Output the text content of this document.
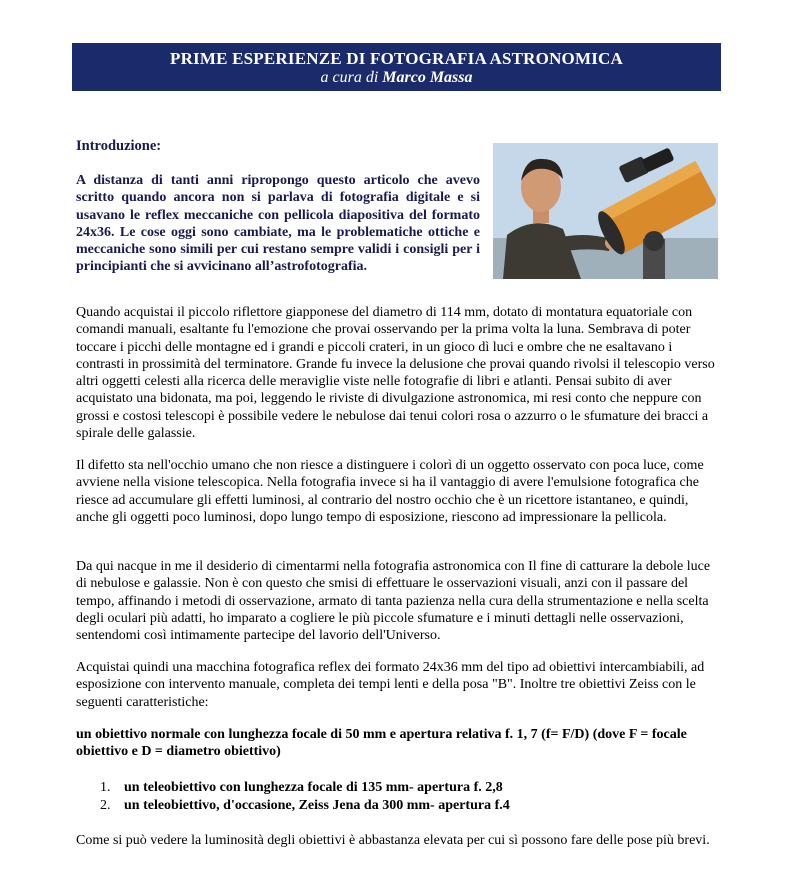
PRIME ESPERIENZE DI FOTOGRAFIA ASTRONOMICA
a cura di Marco Massa
Introduzione:
A distanza di tanti anni ripropongo questo articolo che avevo scritto quando ancora non si parlava di fotografia digitale e si usavano le reflex meccaniche con pellicola diapositiva del formato 24x36. Le cose oggi sono cambiate, ma le problematiche ottiche e meccaniche sono simili per cui restano sempre validi i consigli per i principianti che si avvicinano all’astrofotografia.
Quando acquistai il piccolo riflettore giapponese del diametro di 114 mm, dotato di montatura equatoriale con comandi manuali, esaltante fu l'emozione che provai osservando per la prima volta la luna. Sembrava di poter toccare i picchi delle montagne ed i grandi e piccoli crateri, in un gioco dì luci e ombre che ne esaltavano i contrasti in prossimità del terminatore. Grande fu invece la delusione che provai quando rivolsi il telescopio verso altri oggetti celesti alla ricerca delle meraviglie viste nelle fotografie di libri e atlanti. Pensai subito di aver acquistato una bidonata, ma poi, leggendo le riviste di divulgazione astronomica, mi resi conto che neppure con grossi e costosi telescopi è possibile vedere le nebulose dai tenui colori rosa o azzurro o le sfumature dei bracci a spirale delle galassie.
Il difetto sta nell'occhio umano che non riesce a distinguere i colorì di un oggetto osservato con poca luce, come avviene nella visione telescopica. Nella fotografia invece si ha il vantaggio di avere l'emulsione fotografica che riesce ad accumulare gli effetti luminosi, al contrario del nostro occhio che è un ricettore istantaneo, e quindi, anche gli oggetti poco luminosi, dopo lungo tempo di esposizione, riescono ad impressionare la pellicola.
Da qui nacque in me il desiderio di cimentarmi nella fotografia astronomica con Il fine di catturare la debole luce di nebulose e galassie. Non è con questo che smisi di effettuare le osservazioni visuali, anzi con il passare del tempo, affinando i metodi di osservazione, armato di tanta pazienza nella cura della strumentazione e nella scelta degli oculari più adatti, ho imparato a cogliere le più piccole sfumature e i minuti dettagli nelle osservazioni, sentendomi così intimamente partecipe del lavorio dell'Universo.
Acquistai quindi una macchina fotografica reflex dei formato 24x36 mm del tipo ad obiettivi intercambiabili, ad esposizione con intervento manuale, completa dei tempi lenti e della posa "B". Inoltre tre obiettivi Zeiss con le seguenti caratteristiche:
un obiettivo normale con lunghezza focale di 50 mm e apertura relativa f. 1, 7 (f= F/D) (dove F = focale obiettivo e D = diametro obiettivo)
1. un teleobiettivo con lunghezza focale di 135 mm- apertura f. 2,8
2. un teleobiettivo, d'occasione, Zeiss Jena da 300 mm- apertura f.4
Come si può vedere la luminosità degli obiettivi è abbastanza elevata per cui sì possono fare delle pose più brevi.
